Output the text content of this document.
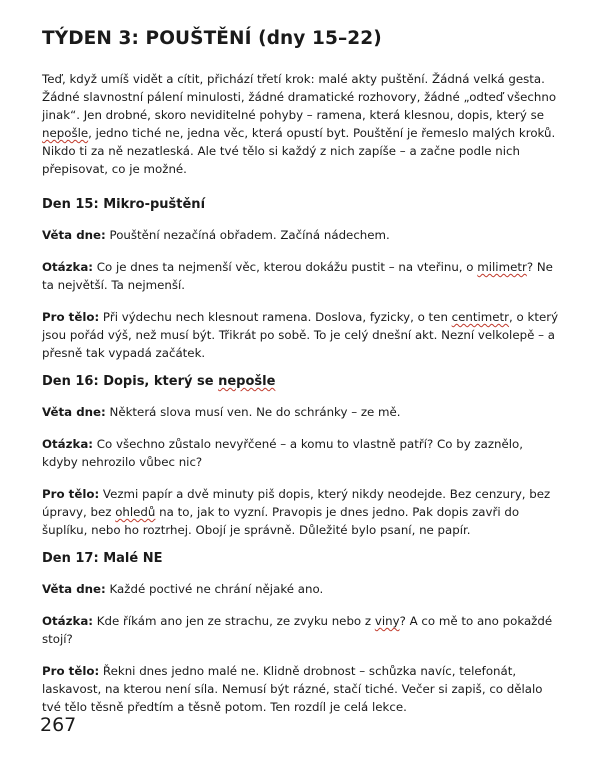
TÝDEN 3: POUŠTĚNÍ (dny 15–22)

Teď, když umíš vidět a cítit, přichází třetí krok: malé akty puštění. Žádná velká gesta. Žádné slavnostní pálení minulosti, žádné dramatické rozhovory, žádné „odteď všechno jinak“. Jen drobné, skoro neviditelné pohyby – ramena, která klesnou, dopis, který se nepošle, jedno tiché ne, jedna věc, která opustí byt. Pouštění je řemeslo malých kroků. Nikdo ti za ně nezatleská. Ale tvé tělo si každý z nich zapíše – a začne podle nich přepisovat, co je možné.

Den 15: Mikro-puštění

Věta dne: Pouštění nezačíná obřadem. Začíná nádechem.

Otázka: Co je dnes ta nejmenší věc, kterou dokážu pustit – na vteřinu, o milimetr? Ne ta největší. Ta nejmenší.

Pro tělo: Při výdechu nech klesnout ramena. Doslova, fyzicky, o ten centimetr, o který jsou pořád výš, než musí být. Třikrát po sobě. To je celý dnešní akt. Nezní velkolepě – a přesně tak vypadá začátek.

Den 16: Dopis, který se nepošle

Věta dne: Některá slova musí ven. Ne do schránky – ze mě.

Otázka: Co všechno zůstalo nevyřčené – a komu to vlastně patří? Co by zaznělo, kdyby nehrozilo vůbec nic?

Pro tělo: Vezmi papír a dvě minuty piš dopis, který nikdy neodejde. Bez cenzury, bez úpravy, bez ohledů na to, jak to vyzní. Pravopis je dnes jedno. Pak dopis zavři do šuplíku, nebo ho roztrhej. Obojí je správně. Důležité bylo psaní, ne papír.

Den 17: Malé NE

Věta dne: Každé poctivé ne chrání nějaké ano.

Otázka: Kde říkám ano jen ze strachu, ze zvyku nebo z viny? A co mě to ano pokaždé stojí?

Pro tělo: Řekni dnes jedno malé ne. Klidně drobnost – schůzka navíc, telefonát, laskavost, na kterou není síla. Nemusí být rázné, stačí tiché. Večer si zapiš, co dělalo tvé tělo těsně předtím a těsně potom. Ten rozdíl je celá lekce.

267
